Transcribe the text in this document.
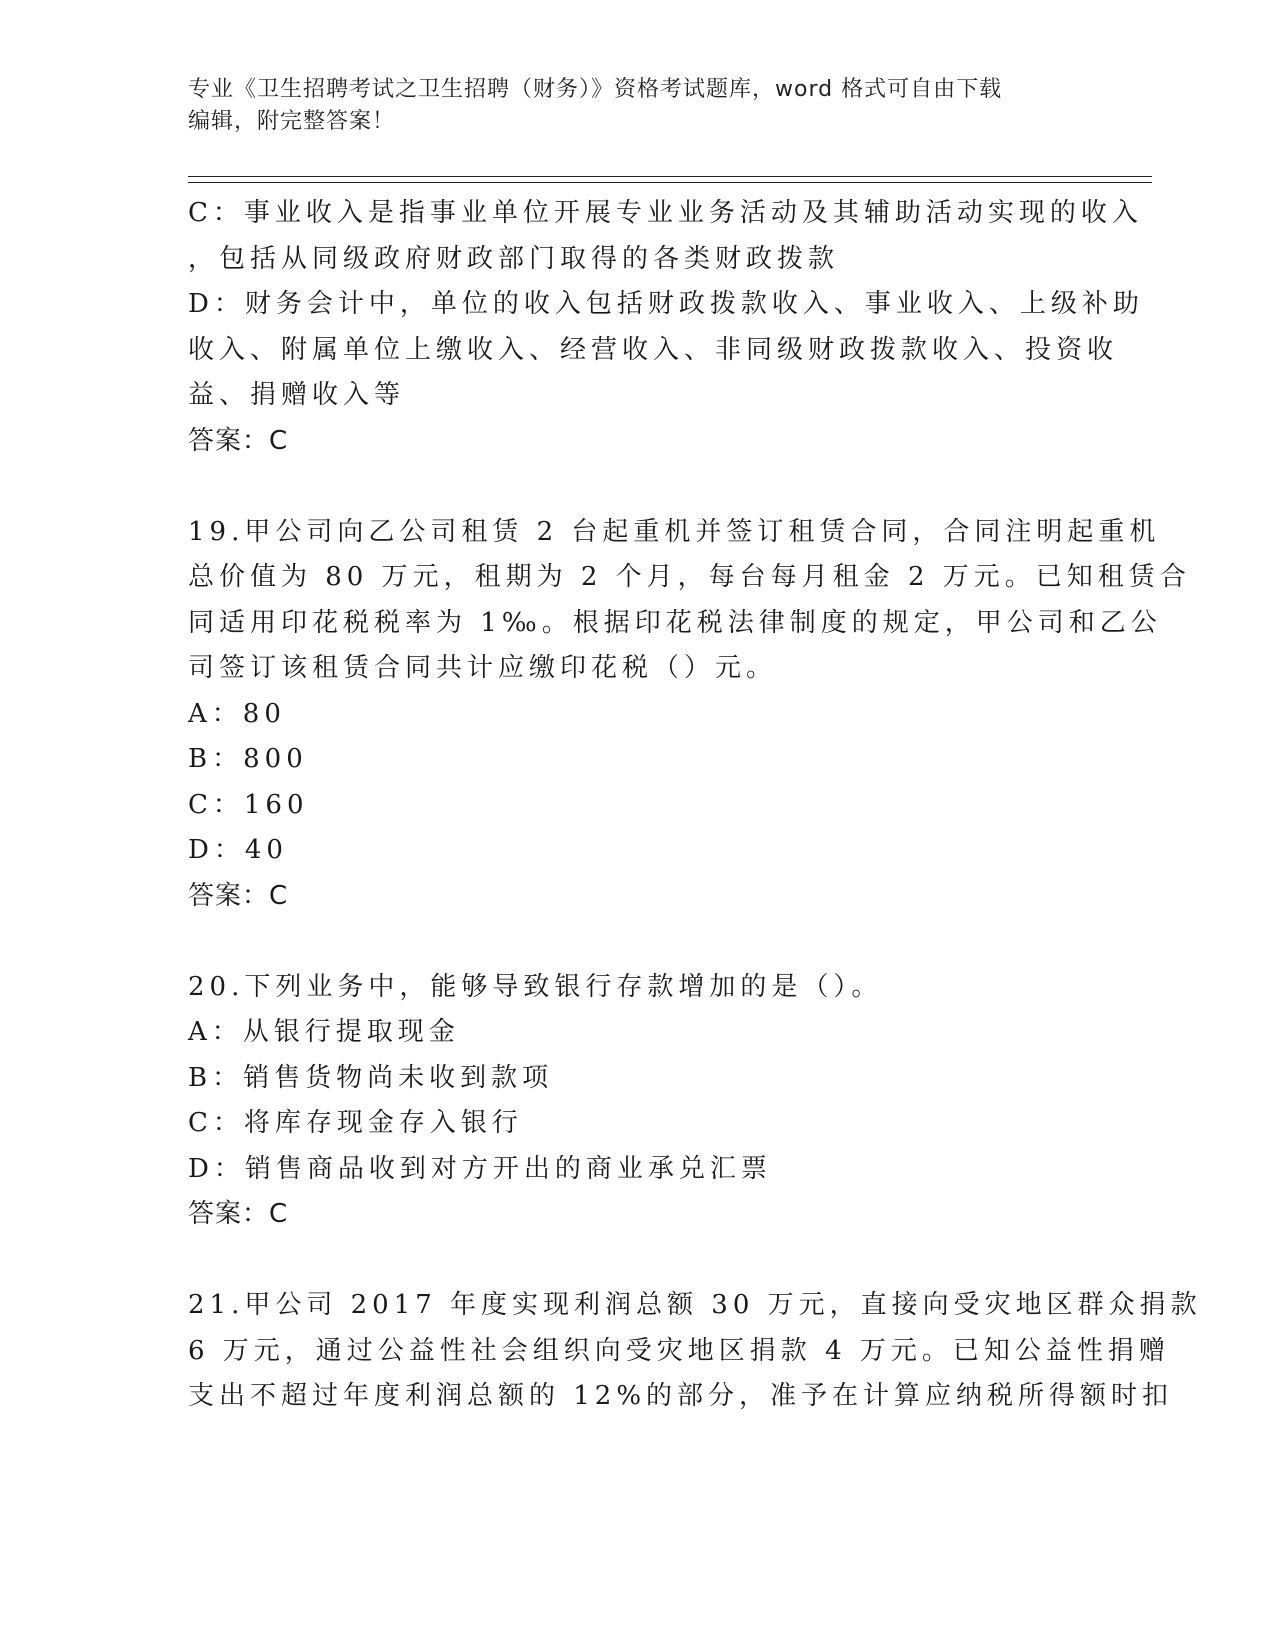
专业《卫生招聘考试之卫生招聘（财务）》资格考试题库，word 格式可自由下载
编辑，附完整答案！
C：事业收入是指事业单位开展专业业务活动及其辅助活动实现的收入
，包括从同级政府财政部门取得的各类财政拨款
D：财务会计中，单位的收入包括财政拨款收入、事业收入、上级补助
收入、附属单位上缴收入、经营收入、非同级财政拨款收入、投资收
益、捐赠收入等
答案：C
19.甲公司向乙公司租赁 2 台起重机并签订租赁合同，合同注明起重机
总价值为 80 万元，租期为 2 个月，每台每月租金 2 万元。已知租赁合
同适用印花税税率为 1‰。根据印花税法律制度的规定，甲公司和乙公
司签订该租赁合同共计应缴印花税（）元。
A：80
B：800
C：160
D：40
答案：C
20.下列业务中，能够导致银行存款增加的是（）。
A：从银行提取现金
B：销售货物尚未收到款项
C：将库存现金存入银行
D：销售商品收到对方开出的商业承兑汇票
答案：C
21.甲公司 2017 年度实现利润总额 30 万元，直接向受灾地区群众捐款
6 万元，通过公益性社会组织向受灾地区捐款 4 万元。已知公益性捐赠
支出不超过年度利润总额的 12%的部分，准予在计算应纳税所得额时扣
